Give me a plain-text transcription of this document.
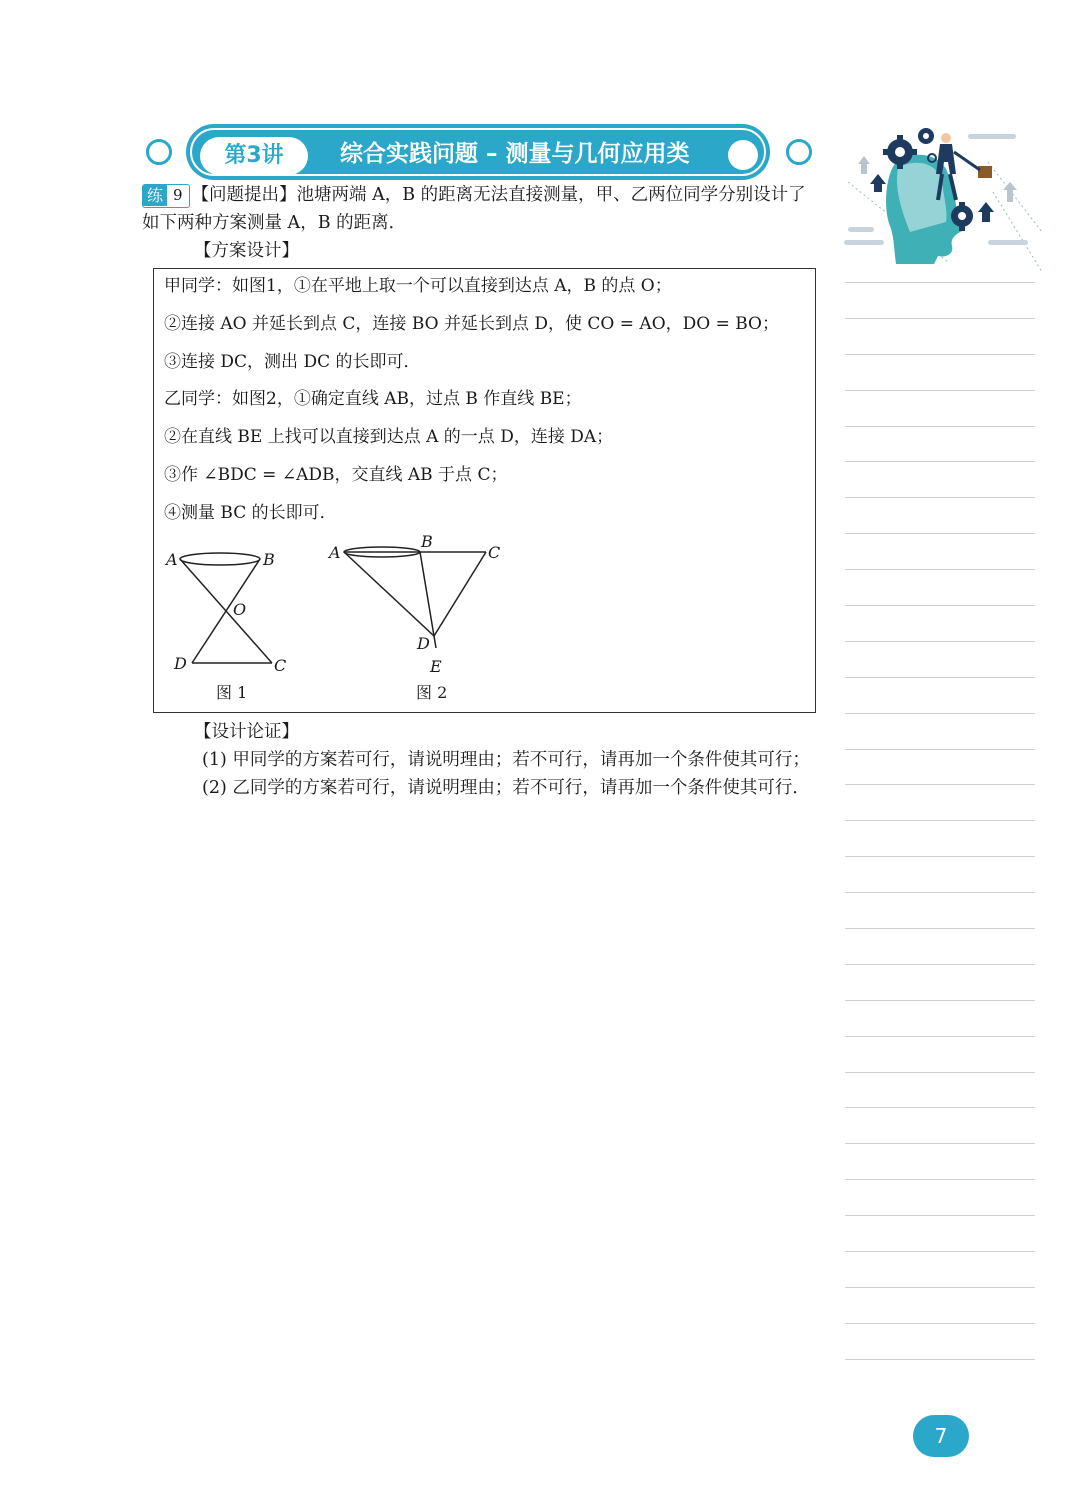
第3讲	综合实践问题 – 测量与几何应用类
练 9 【问题提出】池塘两端 A，B 的距离无法直接测量，甲、乙两位同学分别设计了
如下两种方案测量 A，B 的距离．
【方案设计】
甲同学：如图1，①在平地上取一个可以直接到达点 A，B 的点 O；
②连接 AO 并延长到点 C，连接 BO 并延长到点 D，使 CO = AO，DO = BO；
③连接 DC，测出 DC 的长即可．
乙同学：如图2，①确定直线 AB，过点 B 作直线 BE；
②在直线 BE 上找可以直接到达点 A 的一点 D，连接 DA；
③作 ∠BDC = ∠ADB，交直线 AB 于点 C；
④测量 BC 的长即可．
A	B
O
D	C
图 1
A
B
C
D
E
图 2
【设计论证】
(1) 甲同学的方案若可行，请说明理由；若不可行，请再加一个条件使其可行；
(2) 乙同学的方案若可行，请说明理由；若不可行，请再加一个条件使其可行．
7
